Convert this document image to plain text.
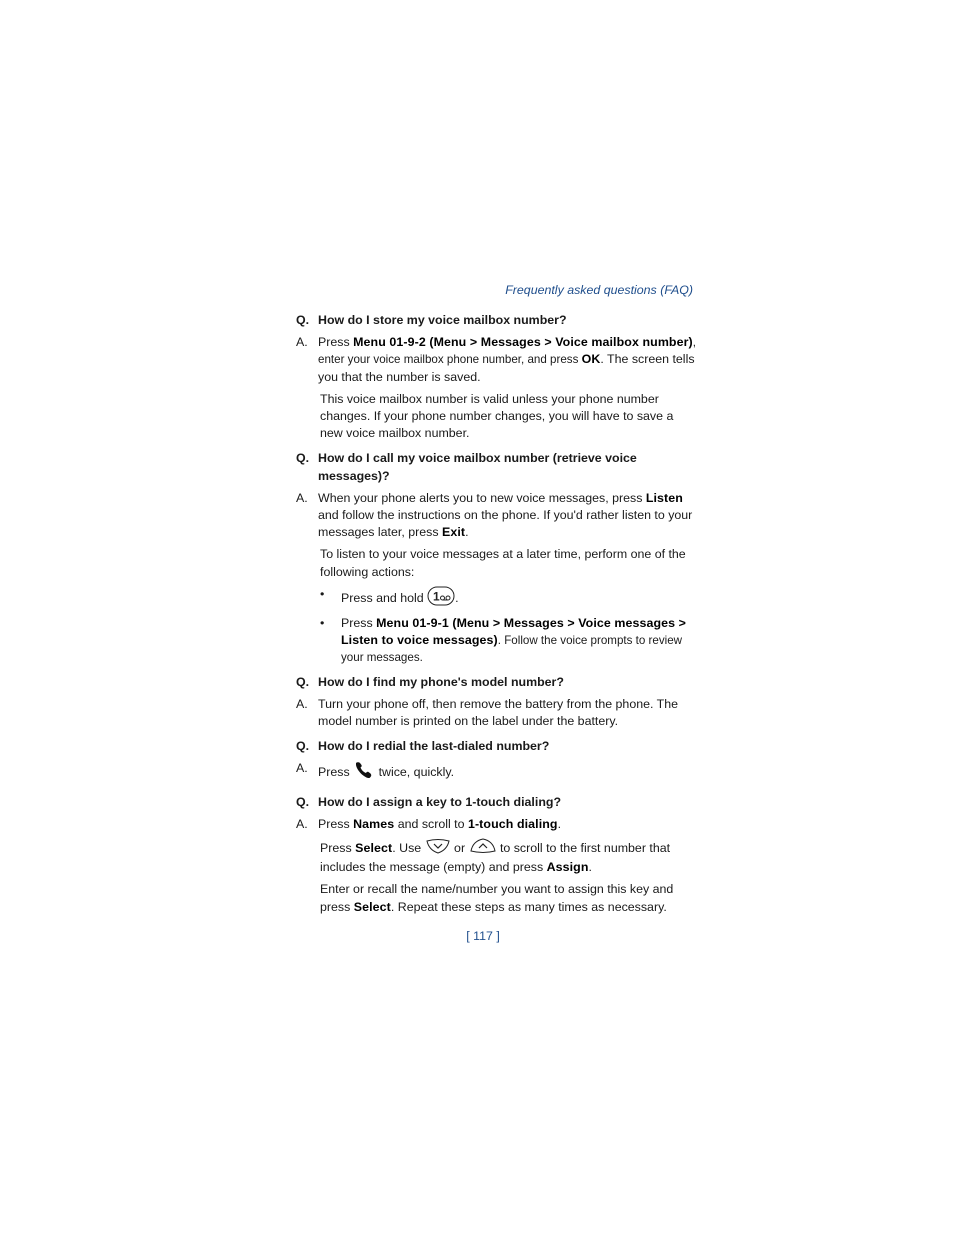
Frequently asked questions (FAQ)
Q. How do I store my voice mailbox number?
A. Press Menu 01-9-2 (Menu > Messages > Voice mailbox number), enter your voice mailbox phone number, and press OK. The screen tells you that the number is saved.
This voice mailbox number is valid unless your phone number changes. If your phone number changes, you will have to save a new voice mailbox number.
Q. How do I call my voice mailbox number (retrieve voice messages)?
A. When your phone alerts you to new voice messages, press Listen and follow the instructions on the phone. If you'd rather listen to your messages later, press Exit.
To listen to your voice messages at a later time, perform one of the following actions:
• Press and hold 1 .
• Press Menu 01-9-1 (Menu > Messages > Voice messages > Listen to voice messages). Follow the voice prompts to review your messages.
Q. How do I find my phone's model number?
A. Turn your phone off, then remove the battery from the phone. The model number is printed on the label under the battery.
Q. How do I redial the last-dialed number?
A. Press  twice, quickly.
Q. How do I assign a key to 1-touch dialing?
A. Press Names and scroll to 1-touch dialing.
Press Select. Use  or  to scroll to the first number that includes the message (empty) and press Assign.
Enter or recall the name/number you want to assign this key and press Select. Repeat these steps as many times as necessary.
[ 117 ]
